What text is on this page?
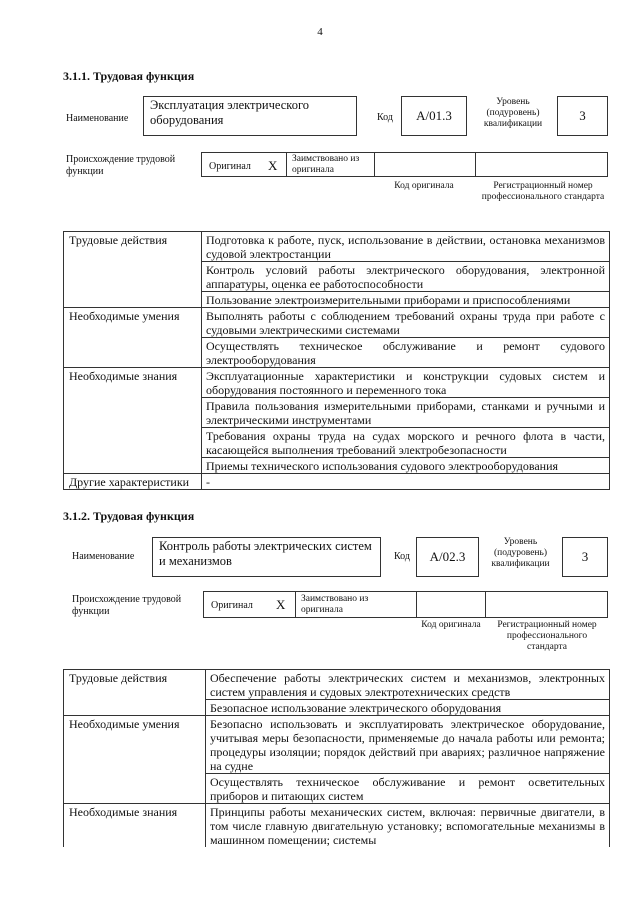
4
3.1.1. Трудовая функция
Наименование
Эксплуатация электрического оборудования	Код	A/01.3
Уровень (подуровень) квалификации
3
Происхождение трудовой функции	Оригинал X Заимствовано из оригинала
Код оригинала	Регистрационный номер профессионального стандарта
Трудовые действия	Подготовка к работе, пуск, использование в действии, остановка механизмов судовой электростанции
	Контроль условий работы электрического оборудования, электронной аппаратуры, оценка ее работоспособности
	Пользование электроизмерительными приборами и приспособлениями
Необходимые умения	Выполнять работы с соблюдением требований охраны труда при работе с судовыми электрическими системами
	Осуществлять техническое обслуживание и ремонт судового электрооборудования
Необходимые знания	Эксплуатационные характеристики и конструкции судовых систем и оборудования постоянного и переменного тока
	Правила пользования измерительными приборами, станками и ручными и электрическими инструментами
	Требования охраны труда на судах морского и речного флота в части, касающейся выполнения требований электробезопасности
	Приемы технического использования судового электрооборудования
Другие характеристики	-
3.1.2. Трудовая функция
Наименование
Контроль работы электрических систем и механизмов	Код	A/02.3
Уровень (подуровень) квалификации	3
Происхождение трудовой функции
Оригинал X Заимствовано из оригинала
Код оригинала	Регистрационный номер профессионального стандарта
Трудовые действия	Обеспечение работы электрических систем и механизмов, электронных систем управления и судовых электротехнических средств
	Безопасное использование электрического оборудования
Необходимые умения	Безопасно использовать и эксплуатировать электрическое оборудование, учитывая меры безопасности, применяемые до начала работы или ремонта; процедуры изоляции; порядок действий при авариях; различное напряжение на судне
	Осуществлять техническое обслуживание и ремонт осветительных приборов и питающих систем
Необходимые знания	Принципы работы механических систем, включая: первичные двигатели, в том числе главную двигательную установку; вспомогательные механизмы в машинном помещении; системы
